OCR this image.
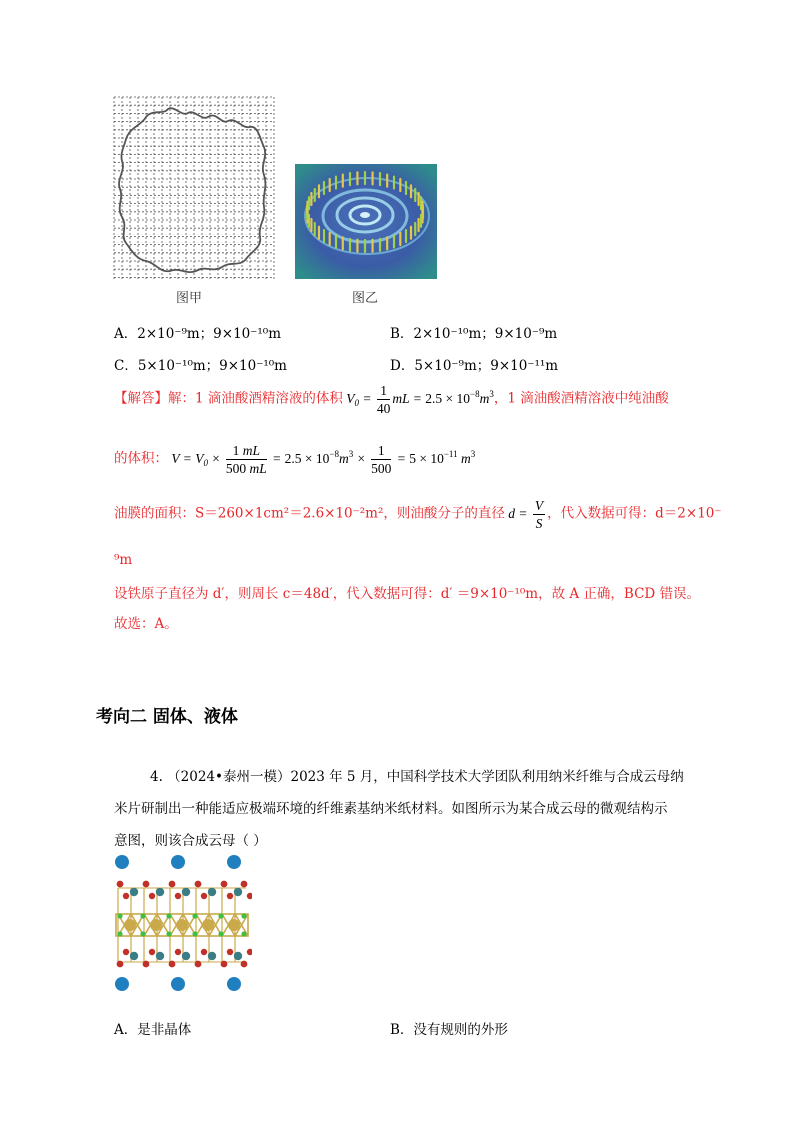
图甲	图乙
A．2×10⁻⁹m；9×10⁻¹⁰m	B．2×10⁻¹⁰m；9×10⁻⁹m
C．5×10⁻¹⁰m；9×10⁻¹⁰m	D．5×10⁻⁹m；9×10⁻¹¹m
【解答】解：1 滴油酸酒精溶液的体积 $V_0 = \frac{1}{40}$ mL = $2.5 \times 10^{-8}m^3$，1 滴油酸酒精溶液中纯油酸
的体积： $V = V_0 \times \frac{1 mL}{500 mL} = 2.5 \times 10^{-8}m^3 \times \frac{1}{500} = 5 \times 10^{-11}$ $m^3$
油膜的面积：S＝260×1cm²＝2.6×10⁻²m²，则油酸分子的直径 $d = \frac{V}{S}$ ，代入数据可得：d＝2×10⁻
⁹m
设铁原子直径为 d′，则周长 c＝48d′，代入数据可得：d′ ＝9×10⁻¹⁰m，故 A 正确，BCD 错误。
故选：A。
考向二 固体、液体
4. （2024•泰州一模）2023 年 5 月，中国科学技术大学团队利用纳米纤维与合成云母纳
米片研制出一种能适应极端环境的纤维素基纳米纸材料。如图所示为某合成云母的微观结构示
意图，则该合成云母（ ）
A．是非晶体	B．没有规则的外形
